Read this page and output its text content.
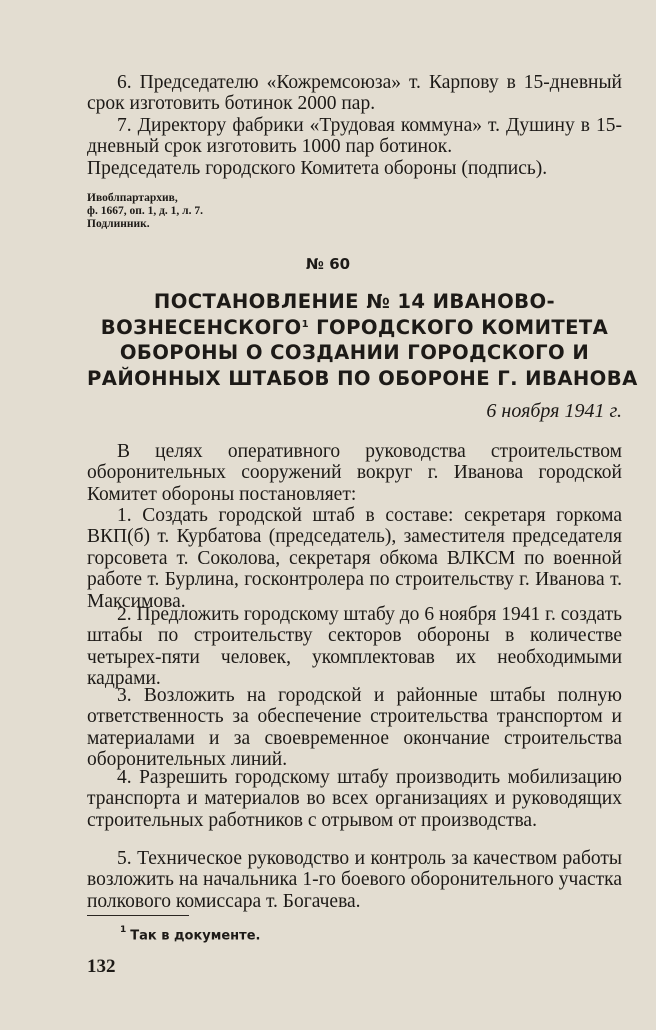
6. Председателю «Кожремсоюза» т. Карпову в 15-дневный срок изготовить ботинок 2000 пар.

7. Директору фабрики «Трудовая коммуна» т. Душину в 15-дневный срок изготовить 1000 пар ботинок.

Председатель городского Комитета обороны (подпись).

Ивоблпартархив,
ф. 1667, оп. 1, д. 1, л. 7.
Подлинник.
№ 60
ПОСТАНОВЛЕНИЕ № 14 ИВАНОВО-
ВОЗНЕСЕНСКОГО$^1$ ГОРОДСКОГО КОМИТЕТА
ОБОРОНЫ О СОЗДАНИИ ГОРОДСКОГО И
РАЙОННЫХ ШТАБОВ ПО ОБОРОНЕ Г. ИВАНОВА
6 ноября 1941 г.

В целях оперативного руководства строительством оборонительных сооружений вокруг г. Иванова городской Комитет обороны постановляет:

1. Создать городской штаб в составе: секретаря горкома ВКП(б) т. Курбатова (председатель), заместителя председателя горсовета т. Соколова, секретаря обкома ВЛКСМ по военной работе т. Бурлина, госконтролера по строительству г. Иванова т. Максимова.

2. Предложить городскому штабу до 6 ноября 1941 г. создать штабы по строительству секторов обороны в количестве четырех-пяти человек, укомплектовав их необходимыми кадрами.

3. Возложить на городской и районные штабы полную ответственность за обеспечение строительства транспортом и материалами и за своевременное окончание строительства оборонительных линий.

4. Разрешить городскому штабу производить мобилизацию транспорта и материалов во всех организациях и руководящих строительных работников с отрывом от производства.

5. Техническое руководство и контроль за качеством работы возложить на начальника 1-го боевого оборонительного участка полкового комиссара т. Богачева.

$^1$ Так в документе.
132
